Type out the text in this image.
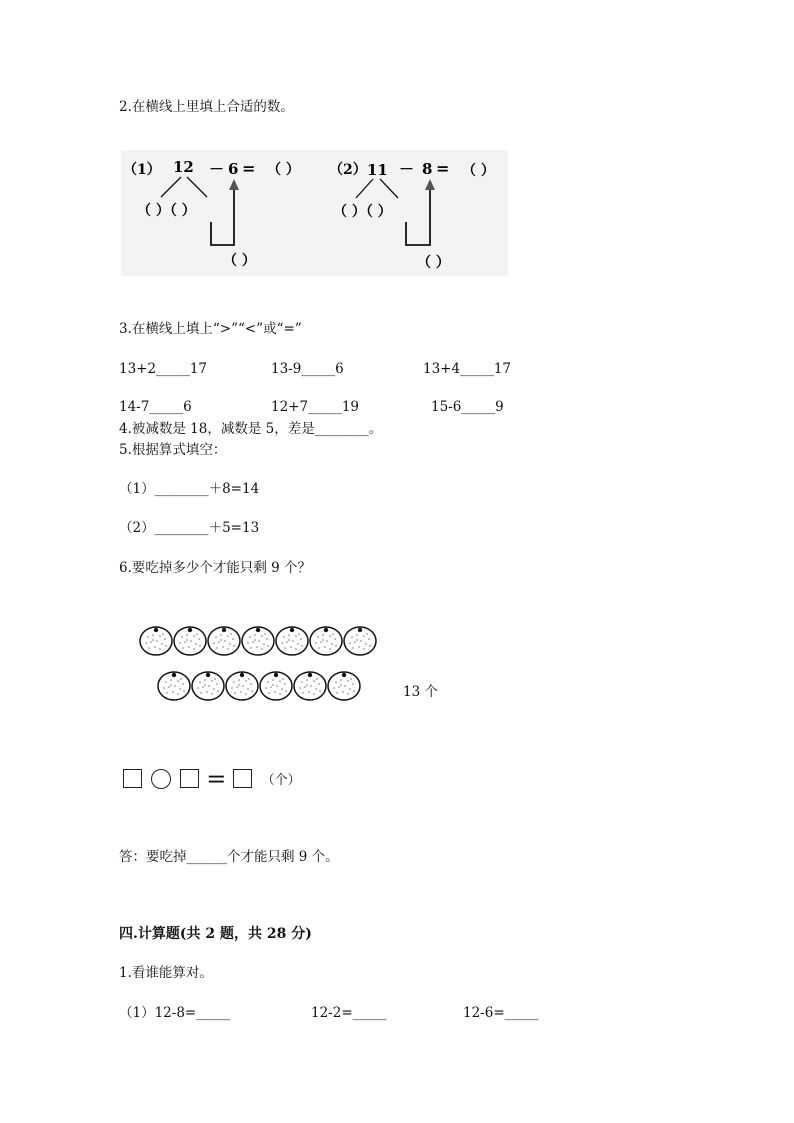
2.在横线上里填上合适的数。
（1） 12 － 6 = （ ）
（ ）（ ）
（ ）
（2） 11 － 8 = （ ）
（ ）（ ）
（ ）
3.在横线上填上“>”“<”或“=”
13+2_____17	13-9_____6	13+4_____17
14-7_____6	12+7_____19	15-6_____9
4.被减数是 18，减数是 5，差是________。
5.根据算式填空：
（1）________＋8=14
（2）________＋5=13
6.要吃掉多少个才能只剩 9 个？
13 个
=	（个）
答：要吃掉______个才能只剩 9 个。
四.计算题(共 2 题，共 28 分)
1.看谁能算对。
（1）12-8=_____	12-2=_____	12-6=_____
